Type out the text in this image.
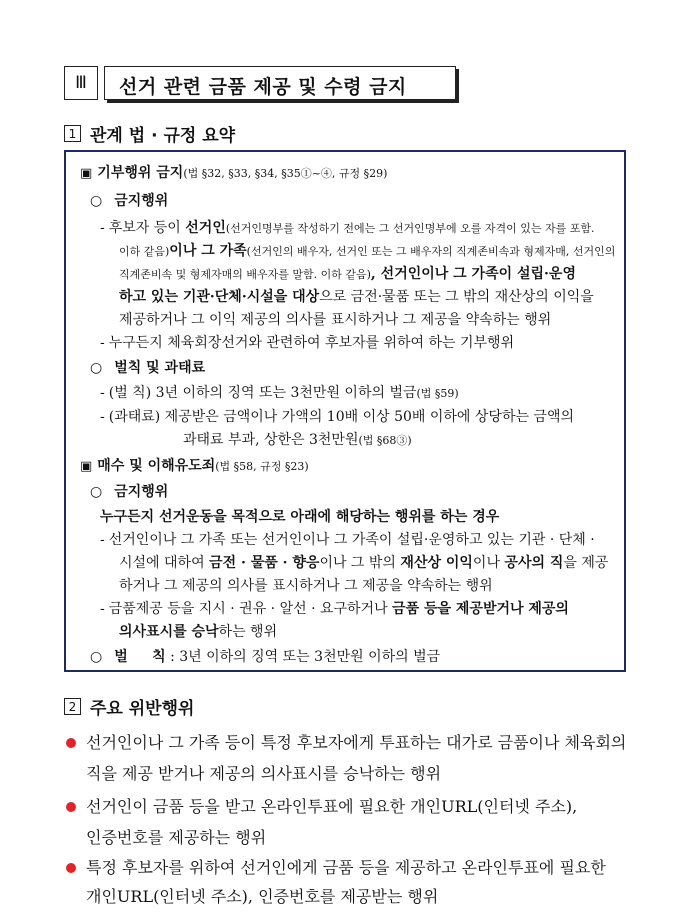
Ⅲ	선거 관련 금품 제공 및 수령 금지
1 관계 법 · 규정 요약
▣ 기부행위 금지(법 §32, §33, §34, §35①~④, 규정 §29)
○ 금지행위
- 후보자 등이 선거인(선거인명부를 작성하기 전에는 그 선거인명부에 오를 자격이 있는 자를 포함.
이하 같음)이나 그 가족(선거인의 배우자, 선거인 또는 그 배우자의 직계존비속과 형제자매, 선거인의
직계존비속 및 형제자매의 배우자를 말함. 이하 같음), 선거인이나 그 가족이 설립·운영
하고 있는 기관·단체·시설을 대상으로 금전·물품 또는 그 밖의 재산상의 이익을
제공하거나 그 이익 제공의 의사를 표시하거나 그 제공을 약속하는 행위
- 누구든지 체육회장선거와 관련하여 후보자를 위하여 하는 기부행위
○ 벌칙 및 과태료
- (벌 칙) 3년 이하의 징역 또는 3천만원 이하의 벌금(법 §59)
- (과태료) 제공받은 금액이나 가액의 10배 이상 50배 이하에 상당하는 금액의
과태료 부과, 상한은 3천만원(법 §68③)
▣ 매수 및 이해유도죄(법 §58, 규정 §23)
○ 금지행위
누구든지 선거운동을 목적으로 아래에 해당하는 행위를 하는 경우
- 선거인이나 그 가족 또는 선거인이나 그 가족이 설립·운영하고 있는 기관 · 단체 ·
시설에 대하여 금전 · 물품 · 향응이나 그 밖의 재산상 이익이나 공사의 직을 제공
하거나 그 제공의 의사를 표시하거나 그 제공을 약속하는 행위
- 금품제공 등을 지시 · 권유 · 알선 · 요구하거나 금품 등을 제공받거나 제공의
의사표시를 승낙하는 행위
○ 벌     칙 : 3년 이하의 징역 또는 3천만원 이하의 벌금
2 주요 위반행위
선거인이나 그 가족 등이 특정 후보자에게 투표하는 대가로 금품이나 체육회의
직을 제공 받거나 제공의 의사표시를 승낙하는 행위
선거인이 금품 등을 받고 온라인투표에 필요한 개인URL(인터넷 주소),
인증번호를 제공하는 행위
특정 후보자를 위하여 선거인에게 금품 등을 제공하고 온라인투표에 필요한
개인URL(인터넷 주소), 인증번호를 제공받는 행위
